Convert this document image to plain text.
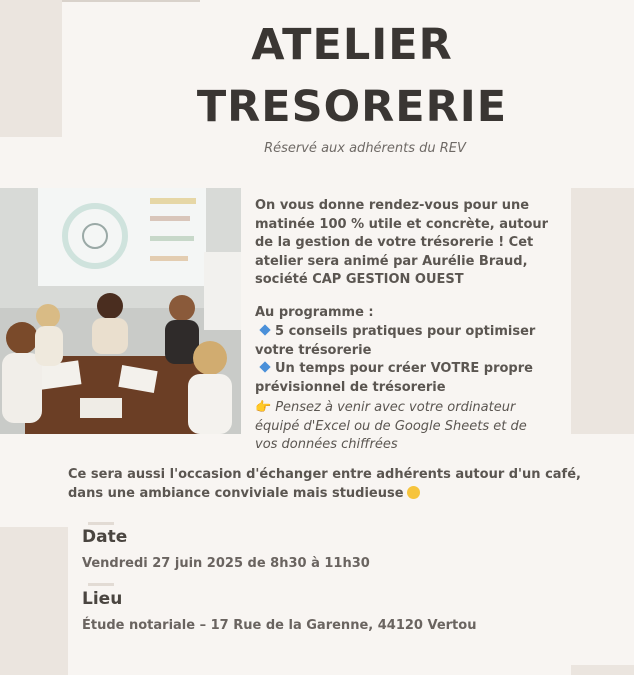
ATELIER
TRESORERIE
Réservé aux adhérents du REV
On vous donne rendez-vous pour une matinée 100 % utile et concrète, autour de la gestion de votre trésorerie ! Cet atelier sera animé par Aurélie Braud, société CAP GESTION OUEST
Au programme :
5 conseils pratiques pour optimiser votre trésorerie
Un temps pour créer VOTRE propre prévisionnel de trésorerie
👉 Pensez à venir avec votre ordinateur équipé d'Excel ou de Google Sheets et de vos données chiffrées
Ce sera aussi l'occasion d'échanger entre adhérents autour d'un café, dans une ambiance conviviale mais studieuse
Date
Vendredi 27 juin 2025 de 8h30 à 11h30
Lieu
Étude notariale – 17 Rue de la Garenne, 44120 Vertou
